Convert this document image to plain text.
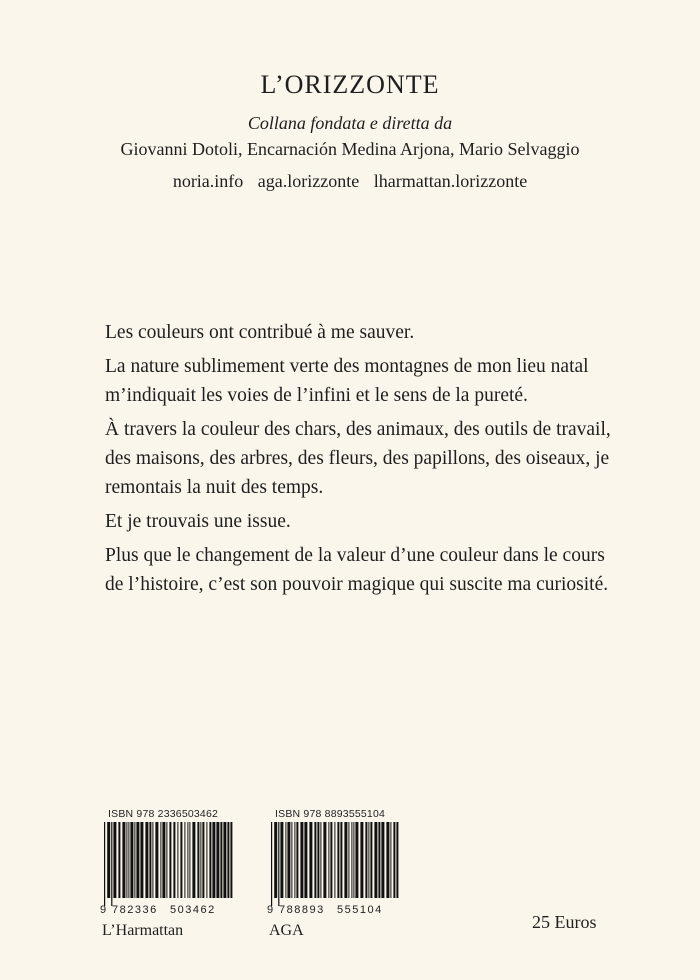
L’ORIZZONTE
Collana fondata e diretta da
Giovanni Dotoli, Encarnación Medina Arjona, Mario Selvaggio
noria.info aga.lorizzonte lharmattan.lorizzonte

Les couleurs ont contribué à me sauver.

La nature sublimement verte des montagnes de mon lieu natal m’indiquait les voies de l’infini et le sens de la pureté.

À travers la couleur des chars, des animaux, des outils de travail, des maisons, des arbres, des fleurs, des papillons, des oiseaux, je remontais la nuit des temps.

Et je trouvais une issue.

Plus que le changement de la valeur d’une couleur dans le cours de l’histoire, c’est son pouvoir magique qui suscite ma curiosité.

ISBN 978 2336503462
9 782336	503462
L’Harmattan
ISBN 978 8893555104
9 788893	555104
AGA	25 Euros
